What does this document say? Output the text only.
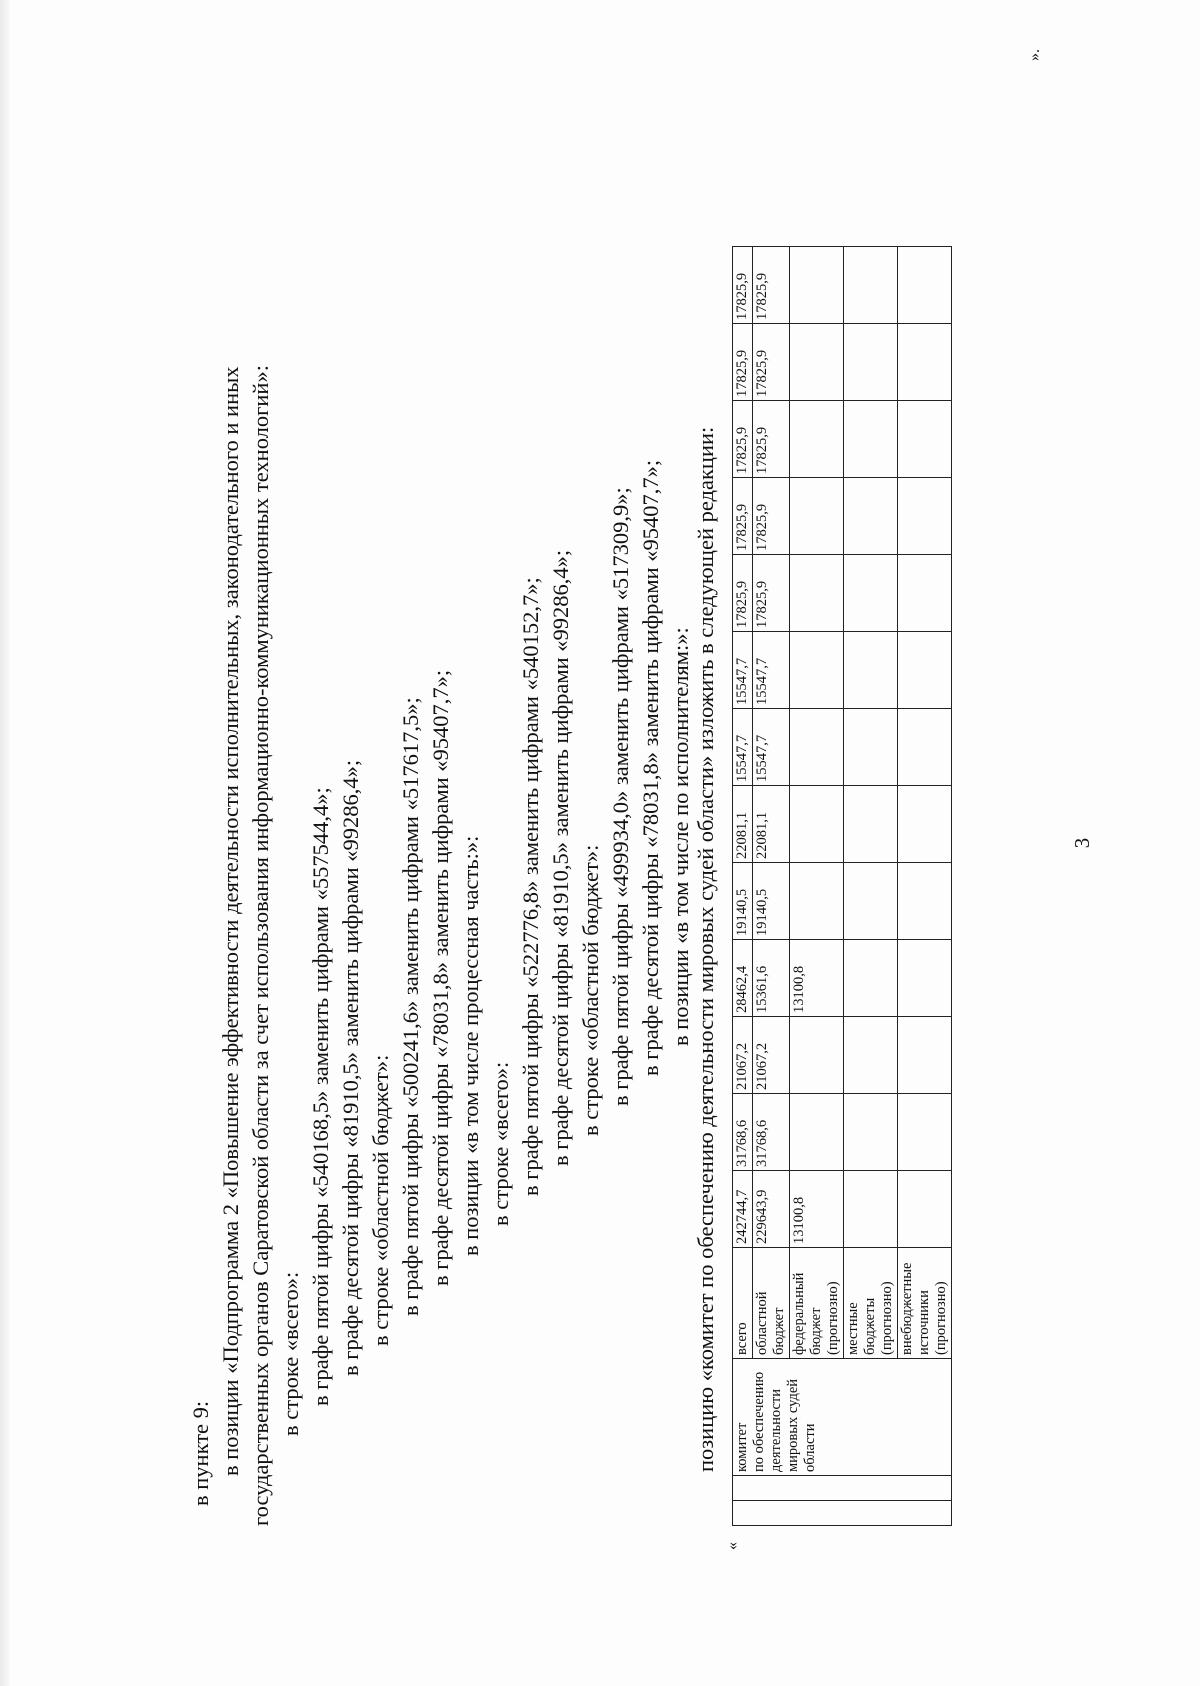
3
в пункте 9: в позиции «Подпрограмма 2 «Повышение эффективности деятельности исполнительных, законодательного и иных государственных органов Саратовской области за счет использования информационно-коммуникационных технологий»: в строке «всего»: в графе пятой цифры «540168,5» заменить цифрами «557544,4»; в графе десятой цифры «81910,5» заменить цифрами «99286,4»; в строке «областной бюджет»: в графе пятой цифры «500241,6» заменить цифрами «517617,5»; в графе десятой цифры «78031,8» заменить цифрами «95407,7»; в позиции «в том числе процессная часть:»: в строке «всего»: в графе пятой цифры «522776,8» заменить цифрами «540152,7»; в графе десятой цифры «81910,5» заменить цифрами «99286,4»; в строке «областной бюджет»: в графе пятой цифры «499934,0» заменить цифрами «517309,9»; в графе десятой цифры «78031,8» заменить цифрами «95407,7»; в позиции «в том числе по исполнителям:»: позицию «комитет по обеспечению деятельности мировых судей области» изложить в следующей редакции:
«

		комитет по обеспечению деятельности мировых судей области	всего	242744,7	31768,6	21067,2	28462,4	19140,5	22081,1	15547,7	15547,7	17825,9	17825,9	17825,9	17825,9	17825,9

			областной бюджет	229643,9	31768,6	21067,2	15361,6	19140,5	22081,1	15547,7	15547,7	17825,9	17825,9	17825,9	17825,9	17825,9

			федеральный бюджет (прогнозно)	13100,8			13100,8									

			местные бюджеты (прогнозно)													

			внебюджетные источники (прогнозно)													

».
